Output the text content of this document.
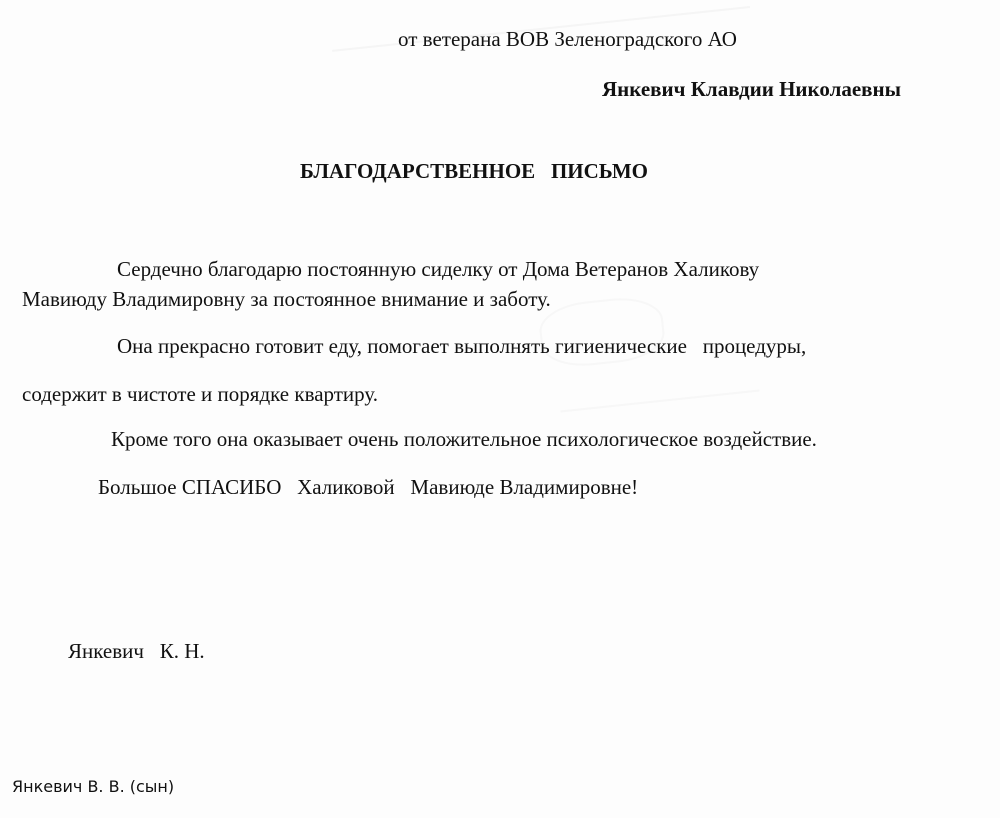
от ветерана ВОВ Зеленоградского АО
Янкевич Клавдии Николаевны
БЛАГОДАРСТВЕННОЕ   ПИСЬМО
Сердечно благодарю постоянную сиделку от Дома Ветеранов Халикову
Мавиюду Владимировну за постоянное внимание и заботу.
Она прекрасно готовит еду, помогает выполнять гигиенические   процедуры,
содержит в чистоте и порядке квартиру.
Кроме того она оказывает очень положительное психологическое воздействие.
Большое СПАСИБО   Халиковой   Мавиюде Владимировне!
Янкевич   К. Н.
Янкевич В. В. (сын)
